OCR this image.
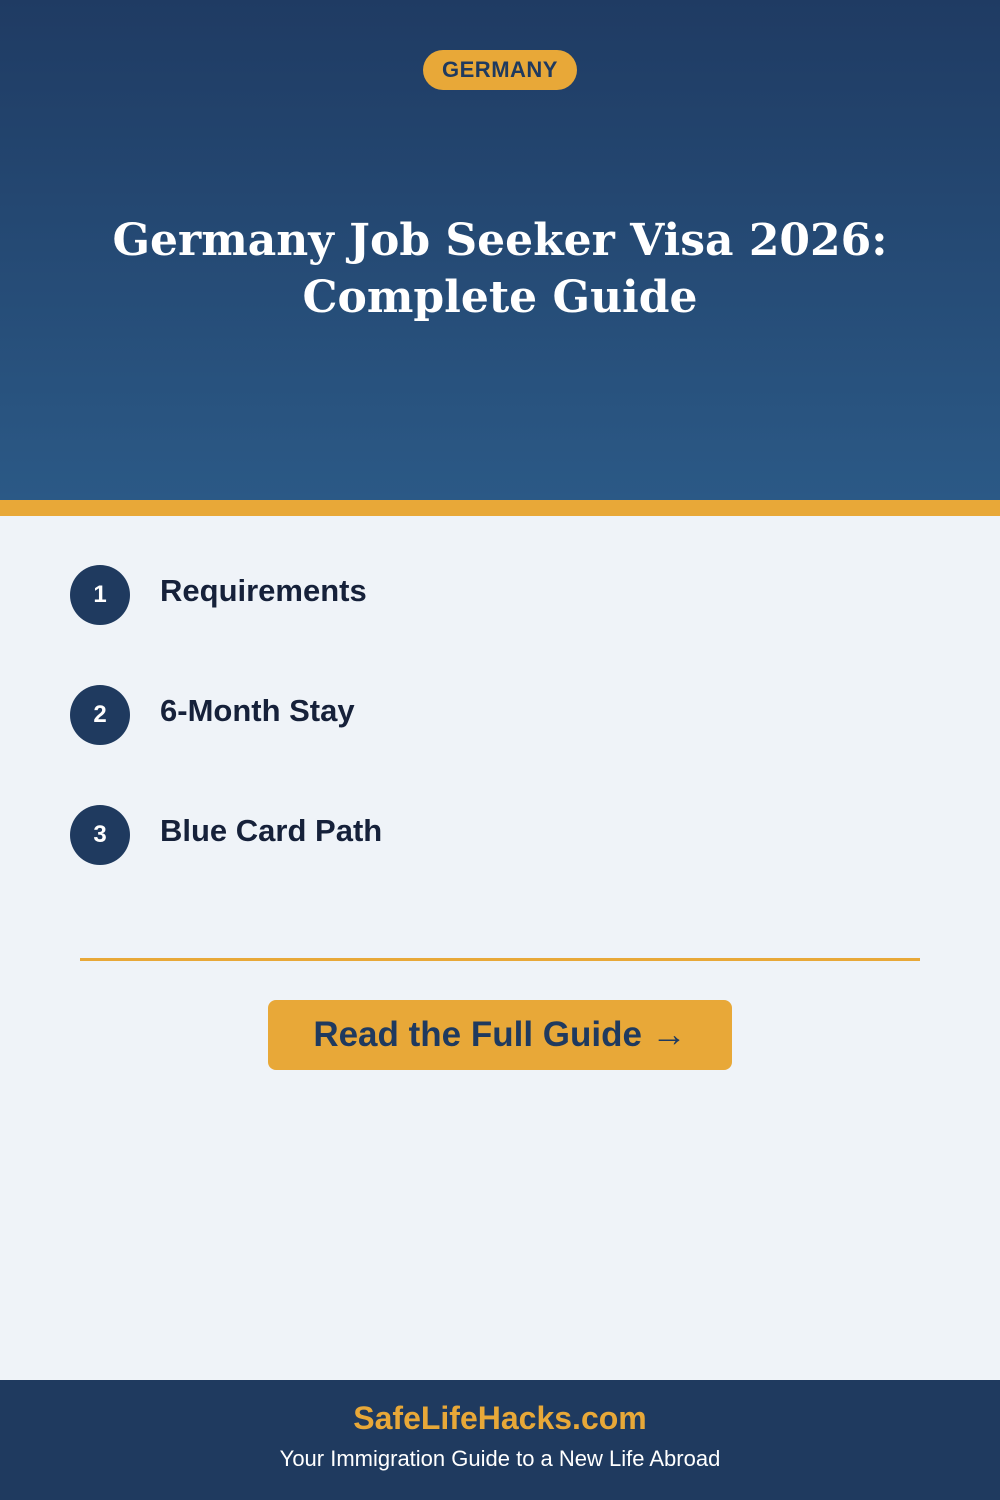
GERMANY
Germany Job Seeker Visa 2026: Complete Guide
1	Requirements
2	6-Month Stay
3	Blue Card Path
Read the Full Guide →
SafeLifeHacks.com
Your Immigration Guide to a New Life Abroad
